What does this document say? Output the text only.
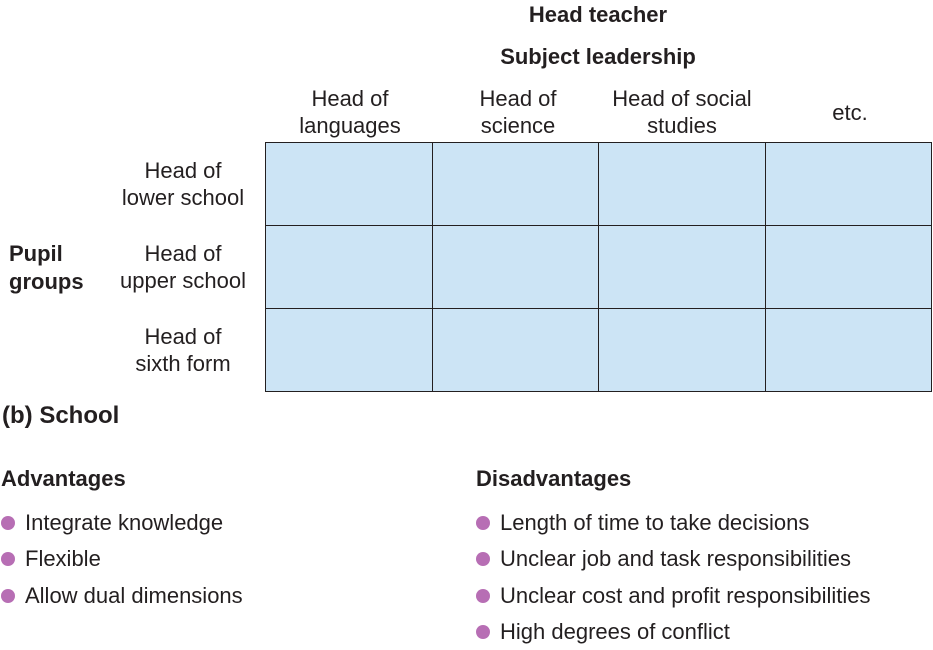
Head teacher
Subject leadership
Head of
languages
Head of
science
Head of social
studies
etc.
Head of
lower school
Head of
upper school
Head of
sixth form
Pupil
groups
(b) School
Advantages
Integrate knowledge
Flexible
Allow dual dimensions
Disadvantages
Length of time to take decisions
Unclear job and task responsibilities
Unclear cost and profit responsibilities
High degrees of conflict
